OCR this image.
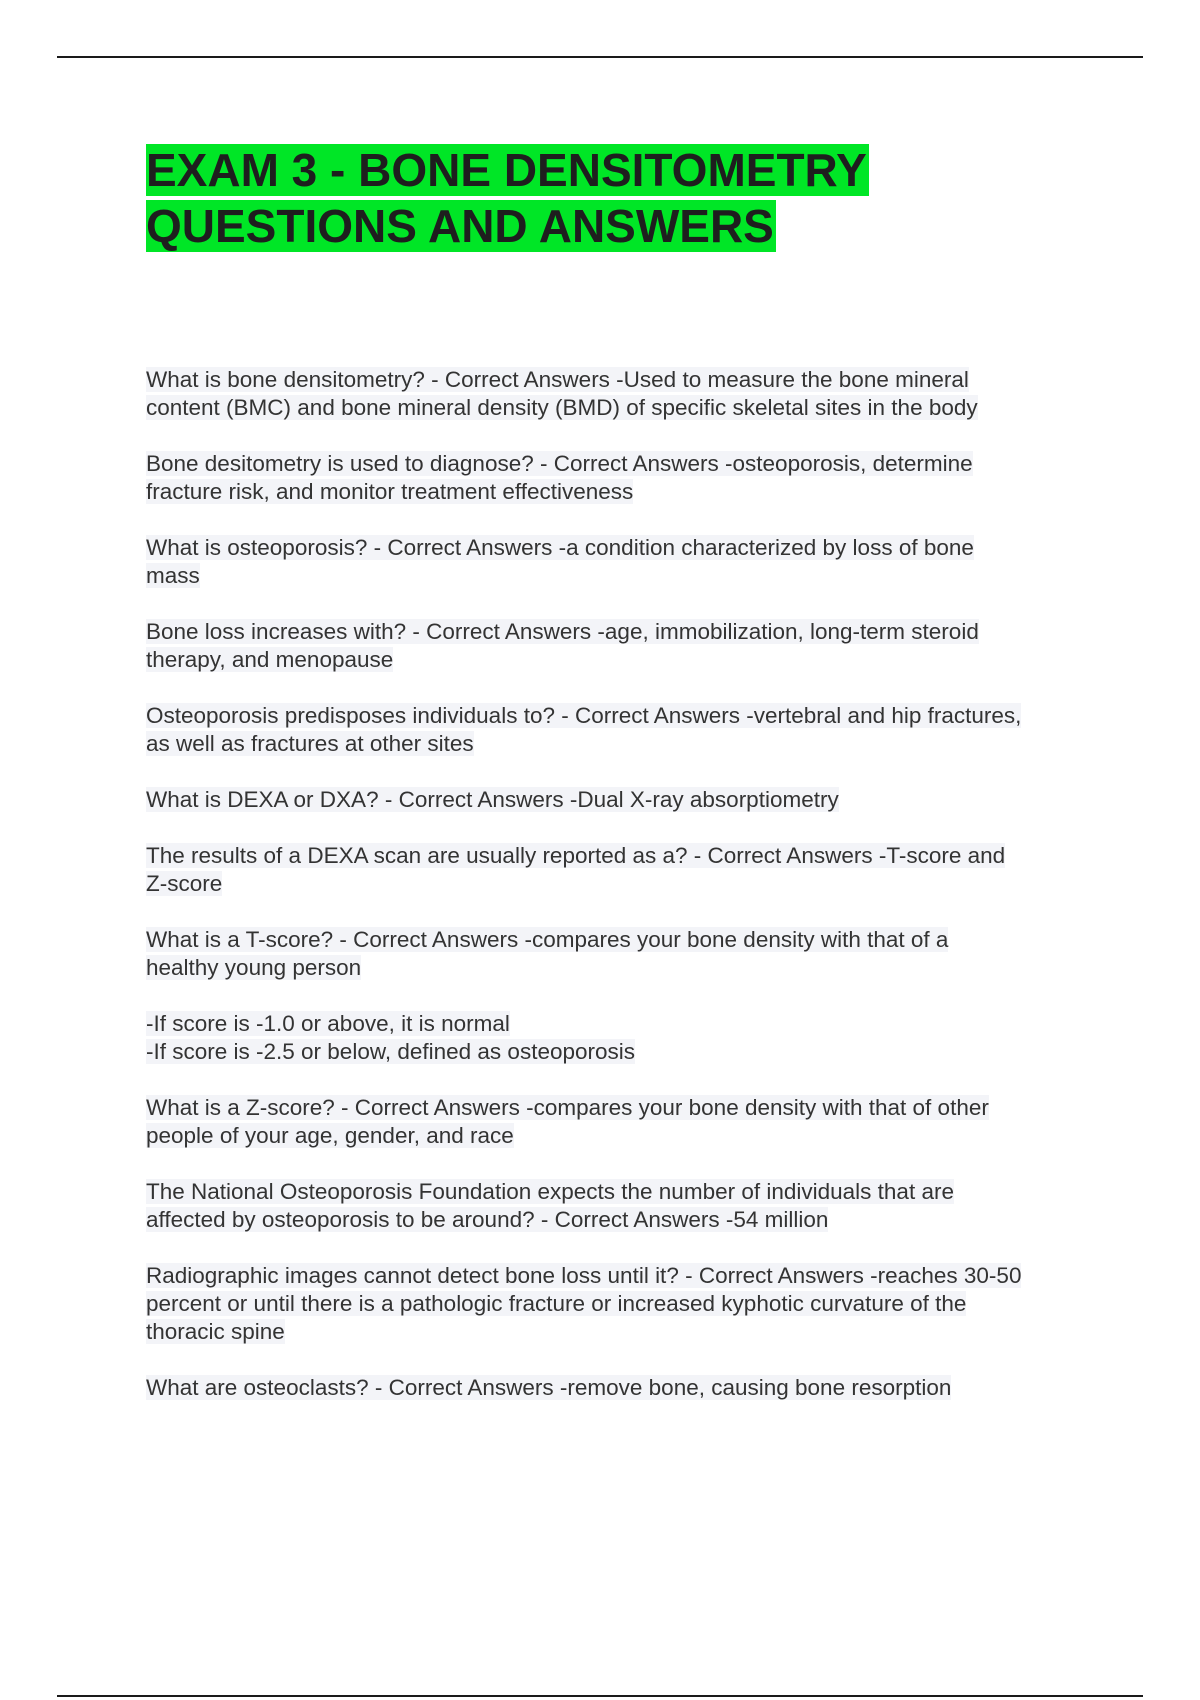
EXAM 3 - BONE DENSITOMETRY
QUESTIONS AND ANSWERS

What is bone densitometry? - Correct Answers -Used to measure the bone mineral
content (BMC) and bone mineral density (BMD) of specific skeletal sites in the body

Bone desitometry is used to diagnose? - Correct Answers -osteoporosis, determine
fracture risk, and monitor treatment effectiveness

What is osteoporosis? - Correct Answers -a condition characterized by loss of bone
mass

Bone loss increases with? - Correct Answers -age, immobilization, long-term steroid
therapy, and menopause

Osteoporosis predisposes individuals to? - Correct Answers -vertebral and hip fractures,
as well as fractures at other sites

What is DEXA or DXA? - Correct Answers -Dual X-ray absorptiometry

The results of a DEXA scan are usually reported as a? - Correct Answers -T-score and
Z-score

What is a T-score? - Correct Answers -compares your bone density with that of a
healthy young person

-If score is -1.0 or above, it is normal
-If score is -2.5 or below, defined as osteoporosis

What is a Z-score? - Correct Answers -compares your bone density with that of other
people of your age, gender, and race

The National Osteoporosis Foundation expects the number of individuals that are
affected by osteoporosis to be around? - Correct Answers -54 million

Radiographic images cannot detect bone loss until it? - Correct Answers -reaches 30-50
percent or until there is a pathologic fracture or increased kyphotic curvature of the
thoracic spine

What are osteoclasts? - Correct Answers -remove bone, causing bone resorption
